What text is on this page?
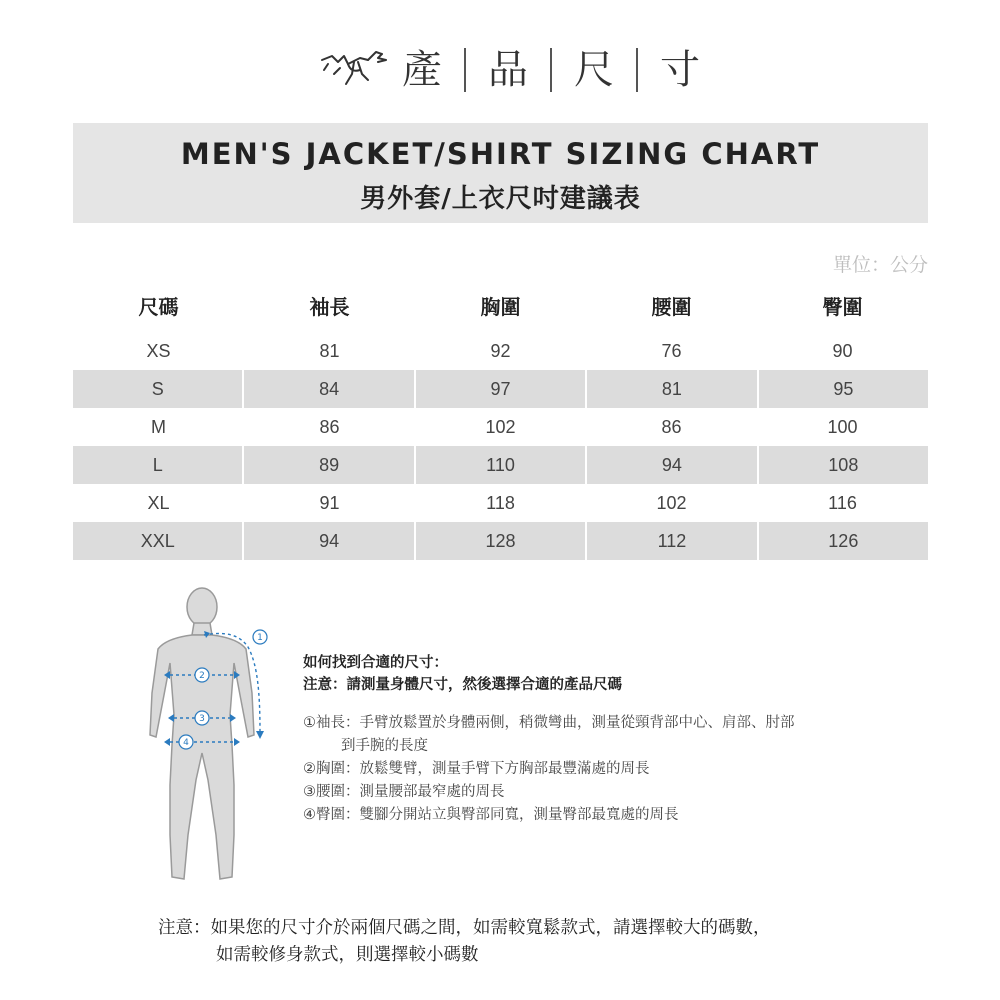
產 品 尺 寸
MEN'S JACKET/SHIRT SIZING CHART
男外套/上衣尺吋建議表
單位：公分
尺碼	袖長	胸圍	腰圍	臀圍
XS	81	92	76	90
S	84	97	81	95
M	86	102	86	100
L	89	110	94	108
XL	91	118	102	116
XXL	94	128	112	126
1
2
3
4
如何找到合適的尺寸：
注意：請測量身體尺寸，然後選擇合適的產品尺碼
①袖長：手臂放鬆置於身體兩側，稍微彎曲，測量從頸背部中心、肩部、肘部
到手腕的長度
②胸圍：放鬆雙臂，測量手臂下方胸部最豐滿處的周長
③腰圍：測量腰部最窄處的周長
④臀圍：雙腳分開站立與臀部同寬，測量臀部最寬處的周長
注意：如果您的尺寸介於兩個尺碼之間，如需較寬鬆款式，請選擇較大的碼數，
如需較修身款式，則選擇較小碼數
